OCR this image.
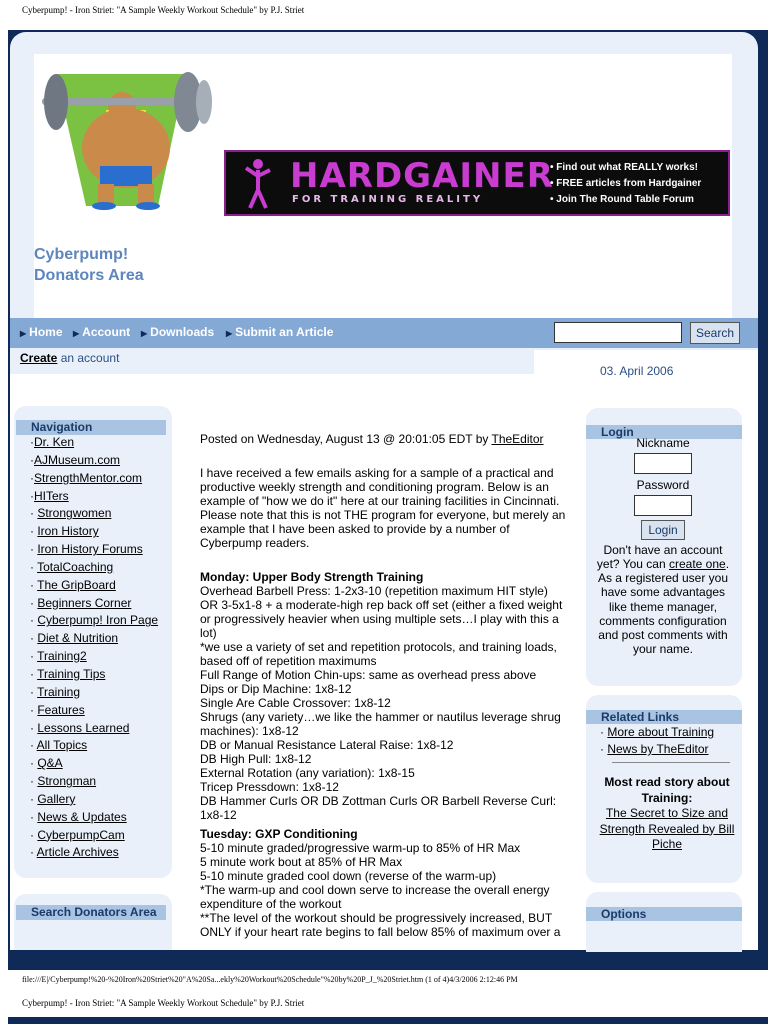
Cyberpump! - Iron Striet: "A Sample Weekly Workout Schedule" by P.J. Striet
HARDGAINER
FOR TRAINING REALITY
• Find out what REALLY works!
• FREE articles from Hardgainer
• Join The Round Table Forum
Cyberpump!
Donators Area
▶ Home ▶ Account ▶ Downloads ▶ Submit an Article	Search
Create an account
03. April 2006
Navigation
·Dr. Ken
·AJMuseum.com
·StrengthMentor.com
·HITers
· Strongwomen
· Iron History
· Iron History Forums
· TotalCoaching
· The GripBoard
· Beginners Corner
· Cyberpump! Iron Page
· Diet & Nutrition
· Training2
· Training Tips
· Training
· Features
· Lessons Learned
· All Topics
· Q&A
· Strongman
· Gallery
· News & Updates
· CyberpumpCam
· Article Archives
Search Donators Area
Posted on Wednesday, August 13 @ 20:01:05 EDT by TheEditor
I have received a few emails asking for a sample of a practical and productive weekly strength and conditioning program. Below is an example of "how we do it" here at our training facilities in Cincinnati. Please note that this is not THE program for everyone, but merely an example that I have been asked to provide by a number of Cyberpump readers.
Monday: Upper Body Strength Training
Overhead Barbell Press: 1-2x3-10 (repetition maximum HIT style) OR 3-5x1-8 + a moderate-high rep back off set (either a fixed weight or progressively heavier when using multiple sets…I play with this a lot)
*we use a variety of set and repetition protocols, and training loads, based off of repetition maximums
Full Range of Motion Chin-ups: same as overhead press above
Dips or Dip Machine: 1x8-12
Single Are Cable Crossover: 1x8-12
Shrugs (any variety…we like the hammer or nautilus leverage shrug machines): 1x8-12
DB or Manual Resistance Lateral Raise: 1x8-12
DB High Pull: 1x8-12
External Rotation (any variation): 1x8-15
Tricep Pressdown: 1x8-12
DB Hammer Curls OR DB Zottman Curls OR Barbell Reverse Curl: 1x8-12
Tuesday: GXP Conditioning
5-10 minute graded/progressive warm-up to 85% of HR Max
5 minute work bout at 85% of HR Max
5-10 minute graded cool down (reverse of the warm-up)
*The warm-up and cool down serve to increase the overall energy expenditure of the workout
**The level of the workout should be progressively increased, BUT ONLY if your heart rate begins to fall below 85% of maximum over a
Login
Nickname
Password
Login
Don't have an account yet? You can create one. As a registered user you have some advantages like theme manager, comments configuration and post comments with your name.
Related Links
· More about Training
· News by TheEditor
Most read story about Training:
The Secret to Size and Strength Revealed by Bill Piche
Options
file:///E|/Cyberpump!%20-%20Iron%20Striet%20"A%20Sa...ekly%20Workout%20Schedule"%20by%20P_J_%20Striet.htm (1 of 4)4/3/2006 2:12:46 PM
Cyberpump! - Iron Striet: "A Sample Weekly Workout Schedule" by P.J. Striet
